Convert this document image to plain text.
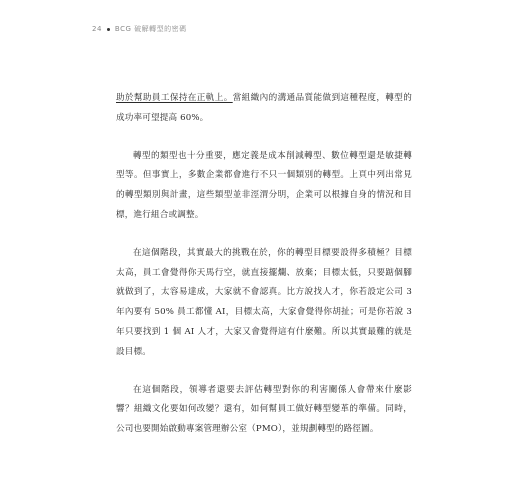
24 BCG 破解轉型的密碼

助於幫助員工保持在正軌上。當組織內的溝通品質能做到這種程度，轉型的成功率可望提高 60%。

轉型的類型也十分重要，應定義是成本削減轉型、數位轉型還是敏捷轉型等。但事實上，多數企業都會進行不只一個類別的轉型。上頁中列出常見的轉型類別與計畫，這些類型並非涇渭分明，企業可以根據自身的情況和目標，進行組合或調整。

在這個階段，其實最大的挑戰在於，你的轉型目標要設得多積極？目標太高，員工會覺得你天馬行空，就直接擺爛、放棄；目標太低，只要踮個腳就做到了，太容易達成，大家就不會認真。比方說找人才，你若設定公司 3 年內要有 50% 員工都懂 AI，目標太高，大家會覺得你胡扯；可是你若說 3 年只要找到 1 個 AI 人才，大家又會覺得這有什麼難。所以其實最難的就是設目標。

在這個階段，領導者還要去評估轉型對你的利害關係人會帶來什麼影響？組織文化要如何改變？還有，如何幫員工做好轉型變革的準備。同時，公司也要開始啟動專案管理辦公室（PMO），並規劃轉型的路徑圖。
